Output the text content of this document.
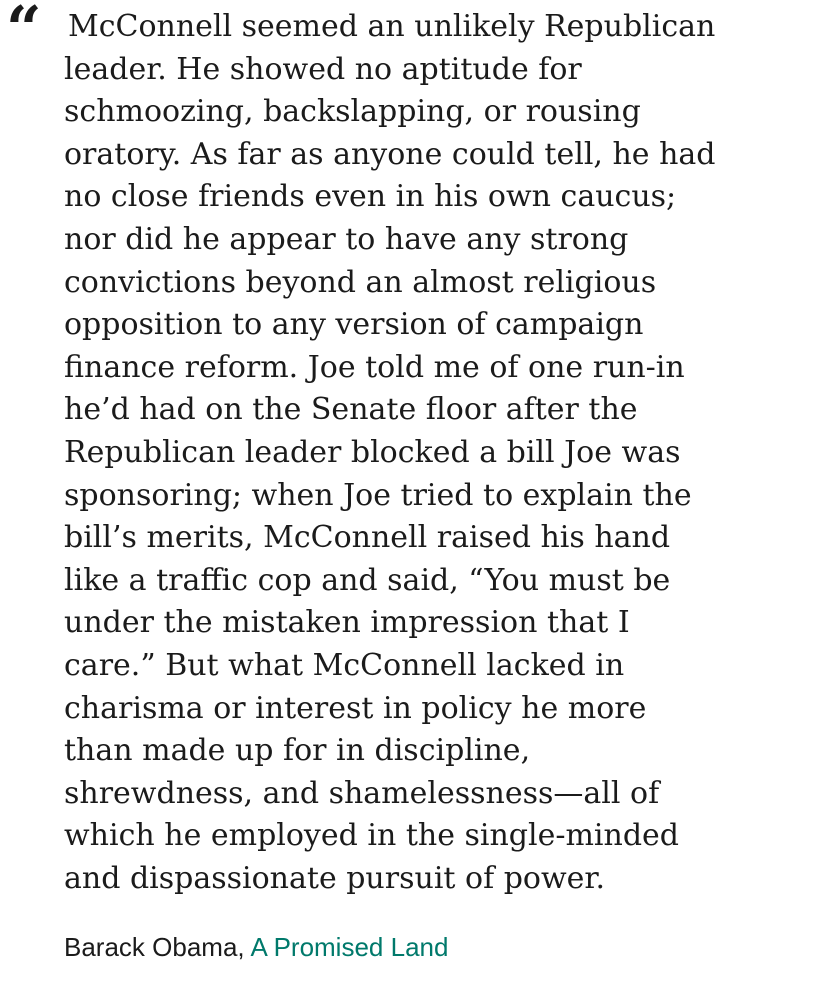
“ McConnell seemed an unlikely Republican
leader. He showed no aptitude for
schmoozing, backslapping, or rousing
oratory. As far as anyone could tell, he had
no close friends even in his own caucus;
nor did he appear to have any strong
convictions beyond an almost religious
opposition to any version of campaign
finance reform. Joe told me of one run-in
he’d had on the Senate floor after the
Republican leader blocked a bill Joe was
sponsoring; when Joe tried to explain the
bill’s merits, McConnell raised his hand
like a traffic cop and said, “You must be
under the mistaken impression that I
care.” But what McConnell lacked in
charisma or interest in policy he more
than made up for in discipline,
shrewdness, and shamelessness—all of
which he employed in the single-minded
and dispassionate pursuit of power.

Barack Obama, A Promised Land
